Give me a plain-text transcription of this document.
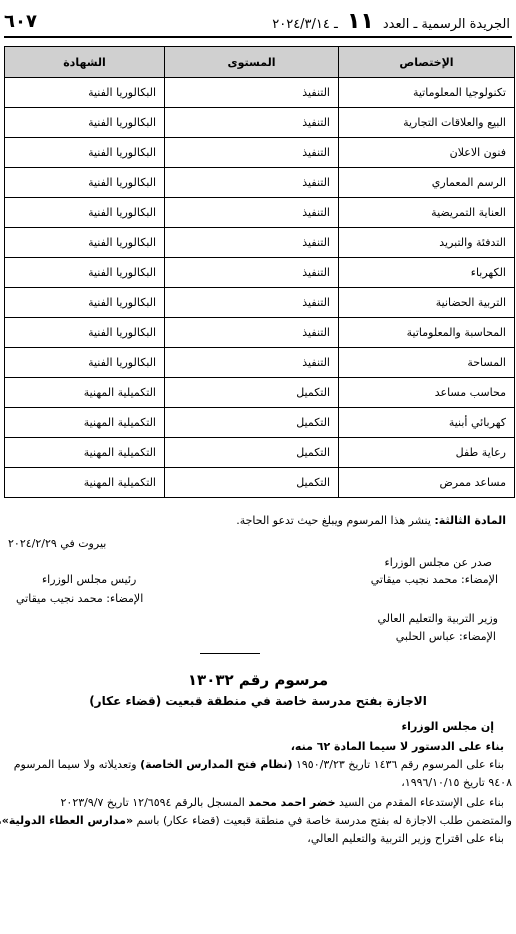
الجريدة الرسمية ـ العدد ١١ ـ ٢٠٢٤/٣/١٤
٦٠٧
الإختصاص	المستوى	الشهادة
تكنولوجيا المعلوماتية	التنفيذ	البكالوريا الفنية
البيع والعلاقات التجارية	التنفيذ	البكالوريا الفنية
فنون الاعلان	التنفيذ	البكالوريا الفنية
الرسم المعماري	التنفيذ	البكالوريا الفنية
العناية التمريضية	التنفيذ	البكالوريا الفنية
التدفئة والتبريد	التنفيذ	البكالوريا الفنية
الكهرباء	التنفيذ	البكالوريا الفنية
التربية الحضانية	التنفيذ	البكالوريا الفنية
المحاسبة والمعلوماتية	التنفيذ	البكالوريا الفنية
المساحة	التنفيذ	البكالوريا الفنية
محاسب مساعد	التكميل	التكميلية المهنية
كهربائي أبنية	التكميل	التكميلية المهنية
رعاية طفل	التكميل	التكميلية المهنية
مساعد ممرض	التكميل	التكميلية المهنية
المادة الثالثة: ينشر هذا المرسوم ويبلغ حيث تدعو الحاجة.
بيروت في ٢٠٢٤/٢/٢٩
صدر عن مجلس الوزراء
الإمضاء: محمد نجيب ميقاتي
رئيس مجلس الوزراء
الإمضاء: محمد نجيب ميقاتي
وزير التربية والتعليم العالي
الإمضاء: عباس الحلبي
مرسوم رقم ١٣٠٣٢
الاجازة بفتح مدرسة خاصة في منطقة قبعيت (قضاء عكار)
إن مجلس الوزراء
بناء على الدستور لا سيما المادة ٦٢ منه،
بناء على المرسوم رقم ١٤٣٦ تاريخ ١٩٥٠/٣/٢٣ (نظام فتح المدارس الخاصة) وتعديلاته ولا سيما المرسوم
٩٤٠٨ تاريخ ١٩٩٦/١٠/١٥،
بناء على الإستدعاء المقدم من السيد خضر احمد محمد المسجل بالرقم ١٢/٦٥٩٤ تاريخ ٢٠٢٣/٩/٧
والمتضمن طلب الاجازة له بفتح مدرسة خاصة في منطقة قبعيت (قضاء عكار) باسم «مدارس العطاء الدولية»
بناء على اقتراح وزير التربية والتعليم العالي،
